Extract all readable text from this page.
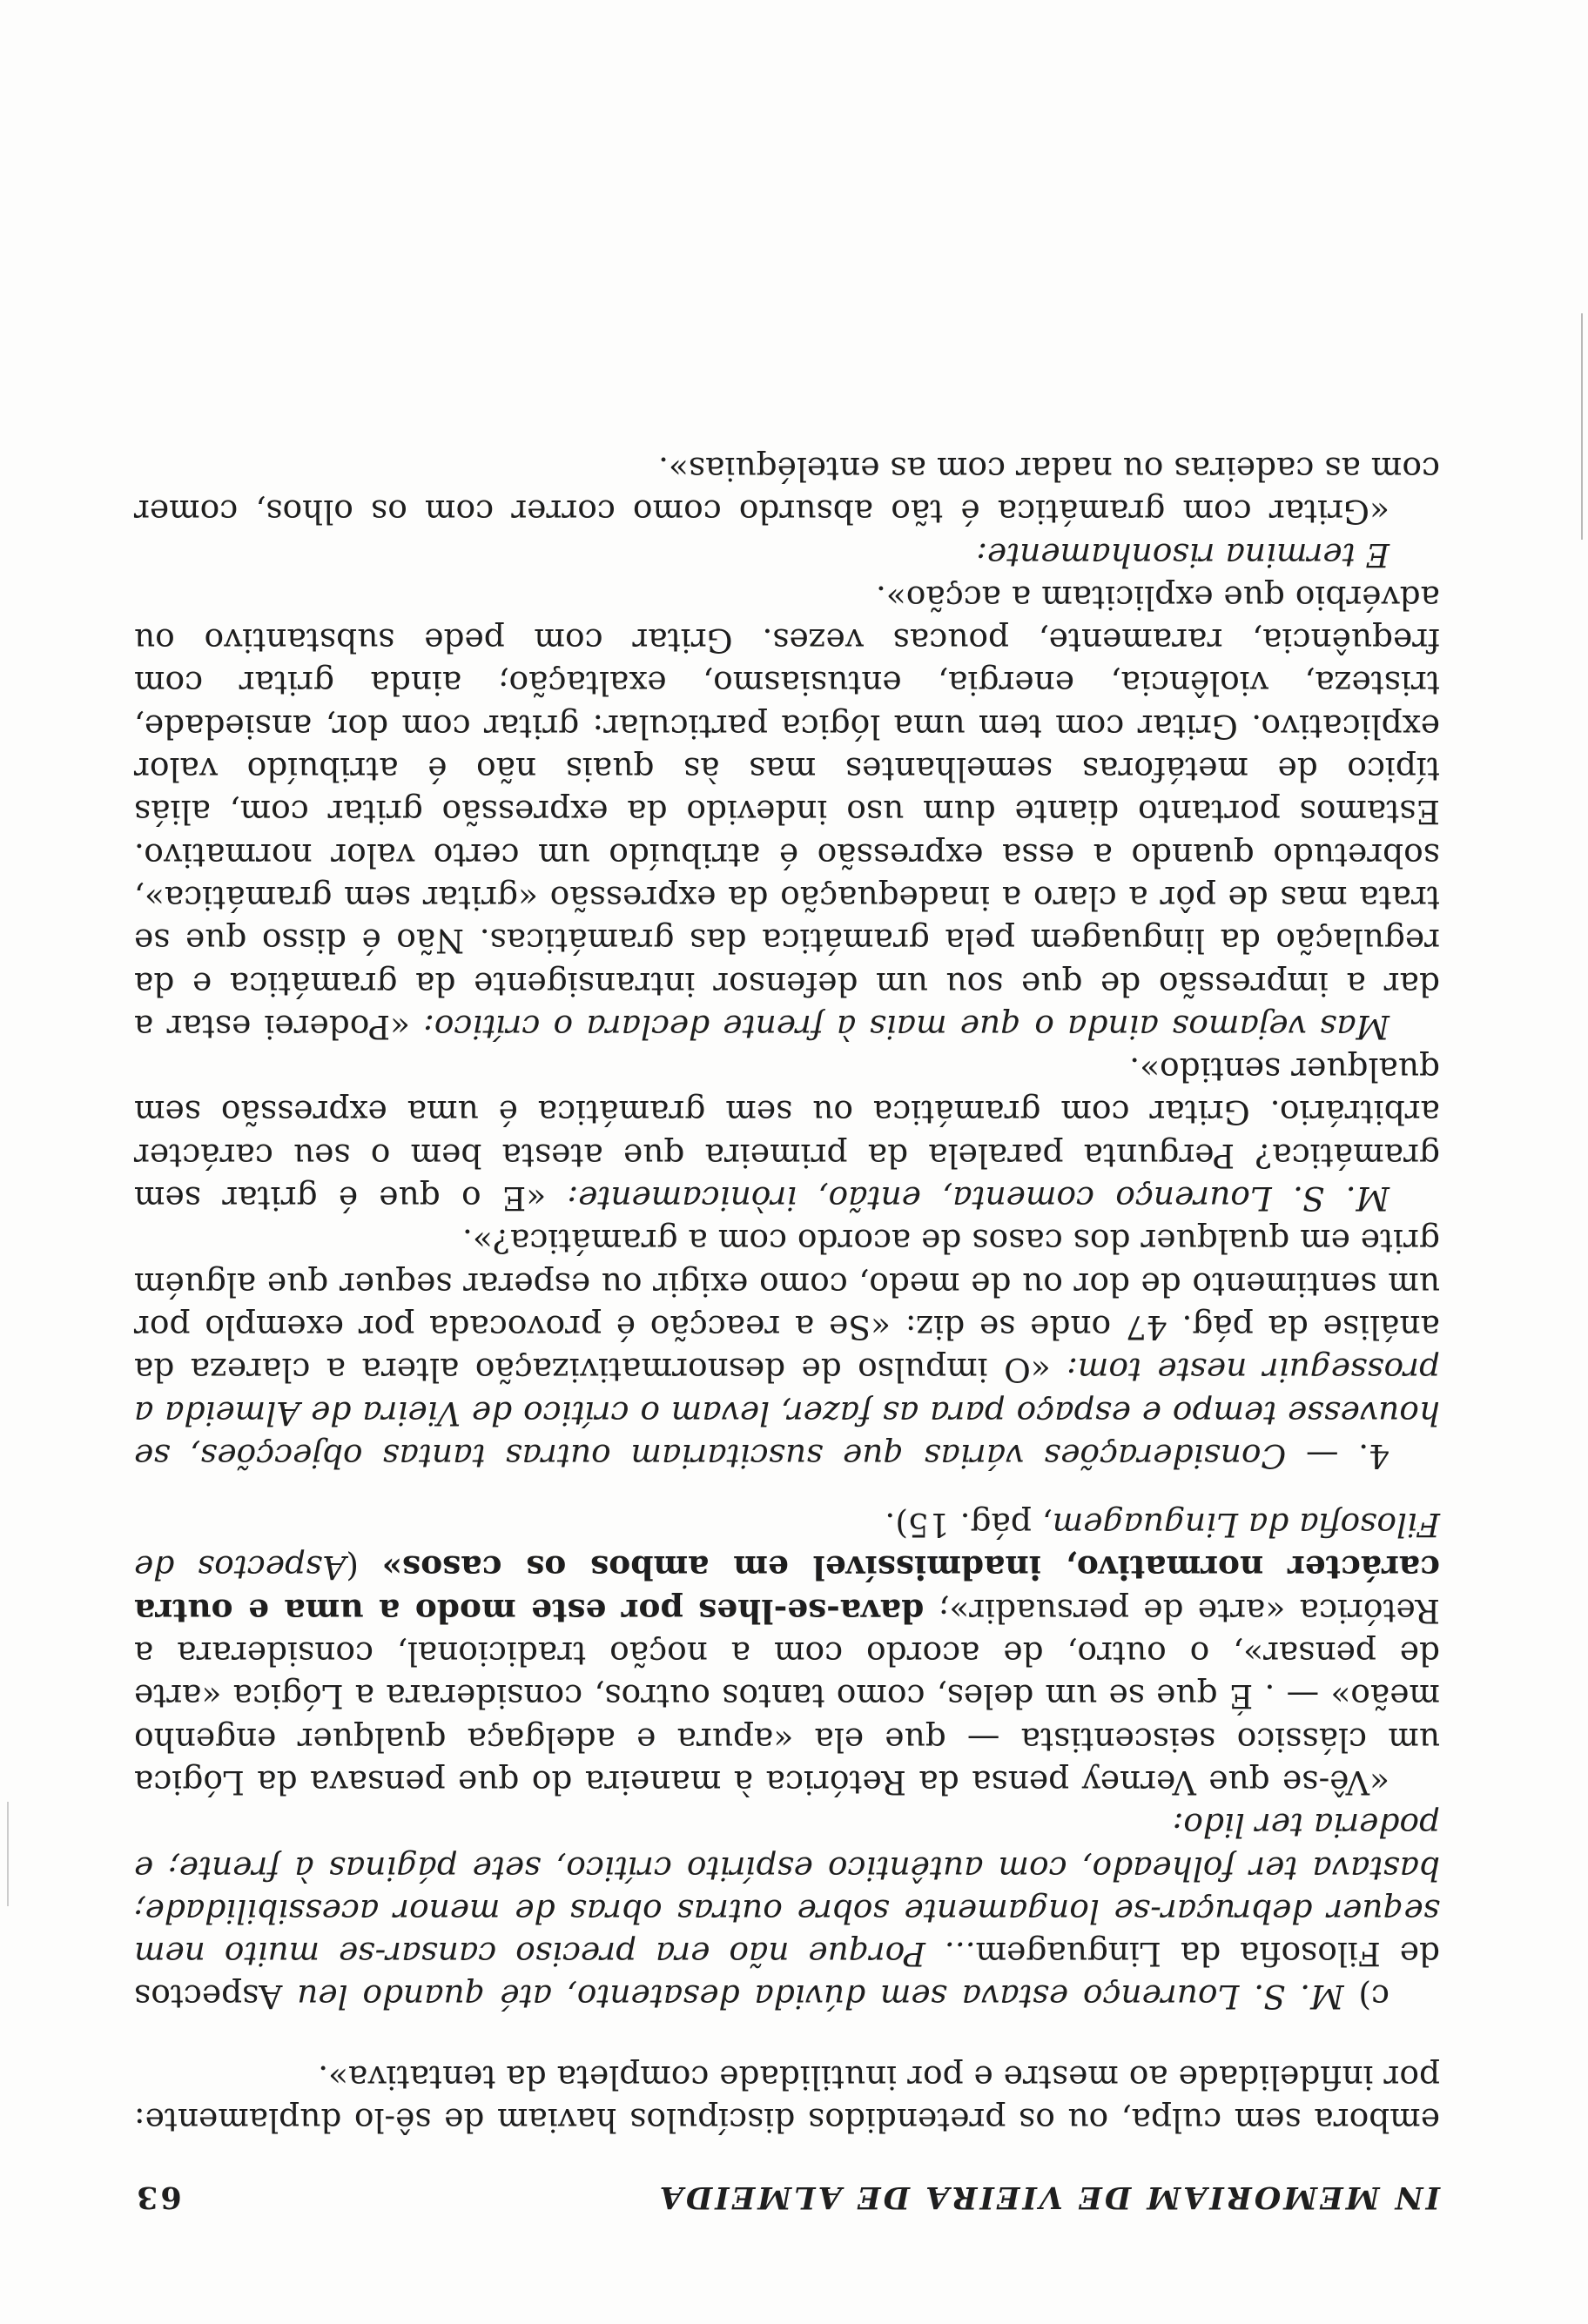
IN MEMORIAM DE VIEIRA DE ALMEIDA
63

embora sem culpa, ou os pretendidos discípulos haviam de sê-lo duplamente: por infidelidade ao mestre e por inutilidade completa da tentativa».

c) M. S. Lourenço estava sem dúvida desatento, até quando leu Aspectos de Filosofia da Linguagem... Porque não era preciso cansar-se muito nem sequer debruçar-se longamente sobre outras obras de menor acessibilidade; bastava ter folheado, com autêntico espírito crítico, sete páginas à frente; e poderia ter lido:

«Vê-se que Verney pensa da Retórica à maneira do que pensava da Lógica um clássico seiscentista — que ela «apura e adelgaça qualquer engenho meão» — . É que se um deles, como tantos outros, considerara a Lógica «arte de pensar», o outro, de acordo com a noção tradicional, considerara a Retórica «arte de persuadir»; dava-se-lhes por este modo a uma e outra carácter normativo, inadmissível em ambos os casos» (Aspectos de Filosofia da Linguagem, pág. 15).

4. — Considerações várias que suscitariam outras tantas objecções, se houvesse tempo e espaço para as fazer, levam o crítico de Vieira de Almeida a prosseguir neste tom: «O impulso de desnormativização altera a clareza da análise da pág. 47 onde se diz: «Se a reacção é provocada por exemplo por um sentimento de dor ou de medo, como exigir ou esperar sequer que alguém grite em qualquer dos casos de acordo com a gramática?».

M. S. Lourenço comenta, então, irònicamente: «E o que é gritar sem gramática? Pergunta paralela da primeira que atesta bem o seu carácter arbitrário. Gritar com gramática ou sem gramática é uma expressão sem qualquer sentido».

Mas vejamos ainda o que mais à frente declara o crítico: «Poderei estar a dar a impressão de que sou um defensor intransigente da gramática e da regulação da linguagem pela gramática das gramáticas. Não é disso que se trata mas de pôr a claro a inadequação da expressão «gritar sem gramática», sobretudo quando a essa expressão é atribuído um certo valor normativo. Estamos portanto diante dum uso indevido da expressão gritar com, aliás típico de metáforas semelhantes mas às quais não é atribuído valor explicativo. Gritar com tem uma lógica particular: gritar com dor, ansiedade, tristeza, violência, energia, entusiasmo, exaltação; ainda gritar com frequência, raramente, poucas vezes. Gritar com pede substantivo ou advérbio que explicitam a acção».

E termina risonhamente:

«Gritar com gramática é tão absurdo como correr com os olhos, comer com as cadeiras ou nadar com as enteléquias».
